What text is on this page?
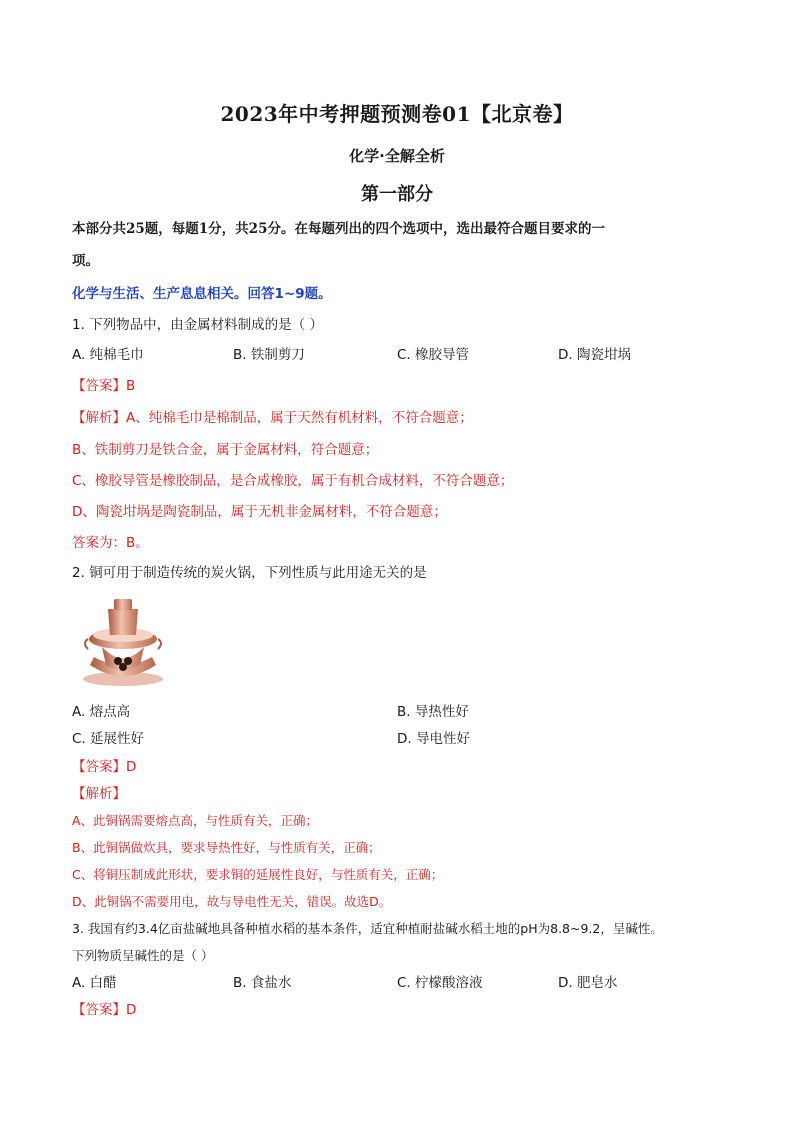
2023年中考押题预测卷01【北京卷】
化学·全解全析
第一部分
本部分共25题，每题1分，共25分。在每题列出的四个选项中，选出最符合题目要求的一
项。
化学与生活、生产息息相关。回答1~9题。
1. 下列物品中，由金属材料制成的是（ ）
A. 纯棉毛巾	B. 铁制剪刀	C. 橡胶导管	D. 陶瓷坩埚
【答案】B
【解析】A、纯棉毛巾是棉制品，属于天然有机材料，不符合题意；
B、铁制剪刀是铁合金，属于金属材料，符合题意；
C、橡胶导管是橡胶制品，是合成橡胶，属于有机合成材料，不符合题意；
D、陶瓷坩埚是陶瓷制品，属于无机非金属材料，不符合题意；
答案为：B。
2. 铜可用于制造传统的炭火锅，下列性质与此用途无关的是
A. 熔点高	B. 导热性好
C. 延展性好	D. 导电性好
【答案】D
【解析】
A、此铜锅需要熔点高，与性质有关，正确；
B、此铜锅做炊具，要求导热性好，与性质有关，正确；
C、将铜压制成此形状，要求铜的延展性良好，与性质有关，正确；
D、此铜锅不需要用电，故与导电性无关，错误。故选D。
3. 我国有约3.4亿亩盐碱地具备种植水稻的基本条件，适宜种植耐盐碱水稻土地的pH为8.8~9.2，呈碱性。
下列物质呈碱性的是（ ）
A. 白醋	B. 食盐水	C. 柠檬酸溶液	D. 肥皂水
【答案】D
